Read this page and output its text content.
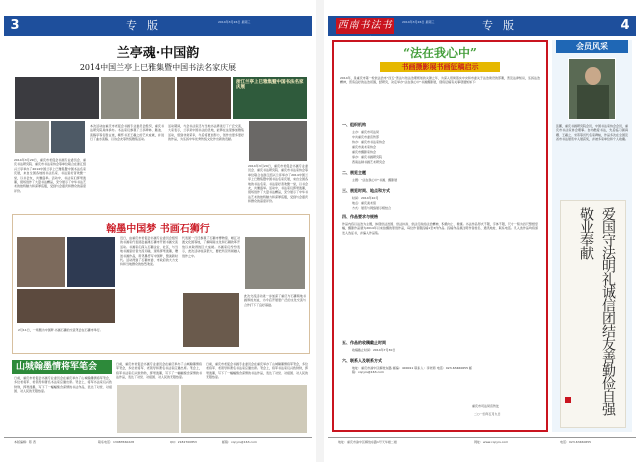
3	专版	2014年3月26日 星期三
兰亭魂·中国韵
2014中国兰亭上巳雅集暨中国书法名家庆展
浙江兰亭上巳雅集暨中国书法名家庆展
2014年3月29日，重庆市老促会书画专业委员会、重庆书法研究院、重庆市书法家协会等单位联合在浙江绍兴兰亭举办了2014中国兰亭上巳雅集暨中国书法名家庆展，来自全国各地的书法名家、书法爱好者欢聚一堂，以书会友，共襄盛举。活动中，书法家们挥毫泼墨，现场创作了大量书法精品，充分展示了中华书法艺术的独特魅力和深厚底蕴，受到与会嘉宾和群众的高度评价。
本次活动由重庆市老促会书画专业委员会组织，重庆书法研究院具体承办。书法家们参观了兰亭碑林、鹅池、流觞亭等名胜古迹，缅怀书圣王羲之的艺术成就，并进行了曲水流觞、以诗会友等传统雅集活动。
活动期间，与会书法家还与当地书法界进行了广泛交流，大家表示，兰亭是中国书法的圣地，能够在这里参加雅集活动，感到非常荣幸，今后将更加努力，创作出更多更好的作品，为弘扬中华优秀传统文化作出新的贡献。
2014年3月29日，重庆市老促会书画专业委员会、重庆书法研究院、重庆市书法家协会等单位联合在浙江绍兴兰亭举办了2014中国兰亭上巳雅集暨中国书法名家庆展，来自全国各地的书法名家、书法爱好者欢聚一堂，以书会友，共襄盛举。活动中，书法家们挥毫泼墨，现场创作了大量书法精品，充分展示了中华书法艺术的独特魅力和深厚底蕴，受到与会嘉宾和群众的高度评价。
翰墨中国梦 书画石狮行
2月11日，一场题为中国梦·书画石狮的交流笔会在石狮市举行。
近日，由重庆市老促会书画专业委员会组织的书画家代表团赴福建石狮市开展书画交流活动。书画家们深入石狮企业、社区，与当地书画爱好者交流切磋，现场挥毫泼墨，赠送书画作品，用笔墨抒写中国梦，赞美新时代。活动得到了石狮市委、市政府的大力支持和当地群众的热烈欢迎。
代表团一行还参观了石狮市博物馆、蚶江对渡文化园等地，了解闽南文化和石狮改革开放以来取得的巨大成就。书画家们纷纷表示，此次活动收获很大，要把所见所闻融入创作之中。
此次交流活动进一步加深了重庆与石狮两地书画界的友谊，为今后开展更广泛的文化交流与合作打下了良好基础。
山城翰墨情将军笔会
日前，重庆市老促会书画专业委员会在重庆举办了山城翰墨情将军笔会，多位老将军、老领导和著名书法家应邀出席。笔会上，将军书法家们兴致勃勃，挥毫泼墨，写下了一幅幅饱含深情的书法作品，表达了对党、对祖国、对人民的无限热爱。
日前，重庆市老促会书画专业委员会在重庆举办了山城翰墨情将军笔会，多位老将军、老领导和著名书法家应邀出席。笔会上，将军书法家们兴致勃勃，挥毫泼墨，写下了一幅幅饱含深情的书法作品，表达了对党、对祖国、对人民的无限热爱。
日前，重庆市老促会书画专业委员会在重庆举办了山城翰墨情将军笔会，多位老将军、老领导和著名书法家应邀出席。笔会上，将军书法家们兴致勃勃，挥毫泼墨，写下了一幅幅饱含深情的书法作品，表达了对党、对祖国、对人民的无限热爱。
本版编辑：陈 西	联系电话：13983560228	QQ：2182700853	邮箱：cqcyrs@163.com
西南书法书画
2014年3月26日 星期三	专版	4
“法在我心中”
书画摄影展书画征稿启示
2014年，是重庆市第一轮依法治市“四五”普法与依法治理规划的关键之年，为深入贯彻落实中央和市委关于法治建设的部署，普及法律知识，弘扬法治精神，营造良好的法治氛围，经研究，决定举办“法在我心中”书画摄影展，现将征稿有关事项通知如下：
一、组织机构
主办：重庆市司法局
中共重庆市委宣传部
协办：重庆市书法家协会
重庆市美术家协会
重庆市摄影家协会
承办：重庆书画研究院
西南法制书画艺术研究会
二、展览主题
主题：“法在我心中”书画、摄影展
三、展览时间、地点和方式
时间：2014年10月
地点：重庆美术馆
方式：展览与网络展示相结合
四、作品要求与规格
作品内容以法治为主题，体现依法治国、依法执政、依法行政的法治精神，积极向上、健康。书法作品形式不限，字体不限，尺寸一般为四尺整纸竖幅，摄影作品须为2014年以来拍摄的原创作品，每位作者限投稿1至3件作品。投稿作品须注明作者姓名、通讯地址、联系电话。凡入选作品均将颁发入选证书，并编入作品集。
五、作品的收稿截止时间
收稿截止时间：2014年7月30日
六、联系人及联系方式
地址：重庆市渝中区解放东路 邮编：400011 联系人：李老师 电话：023-63460655 邮箱：cqcyrs@163.com
重庆市司法局宣传处
二○一四年五月九日
会员风采
张鹏，重庆书画研究院会员，中国书法家协会会员，重庆市书法家协会理事。自幼酷爱书法，先后临习颜真卿、王羲之、米芾等历代名家碑帖，作品多次在全国及省市书法展览中入展获奖，并被多家单位和个人收藏。
爱国守法明礼诚信团结友善勤俭自强敬业奉献
地址：重庆市渝中区解放东路1号天华楼二楼	网址：www.cqcyrs.com	电话：023-63460655
